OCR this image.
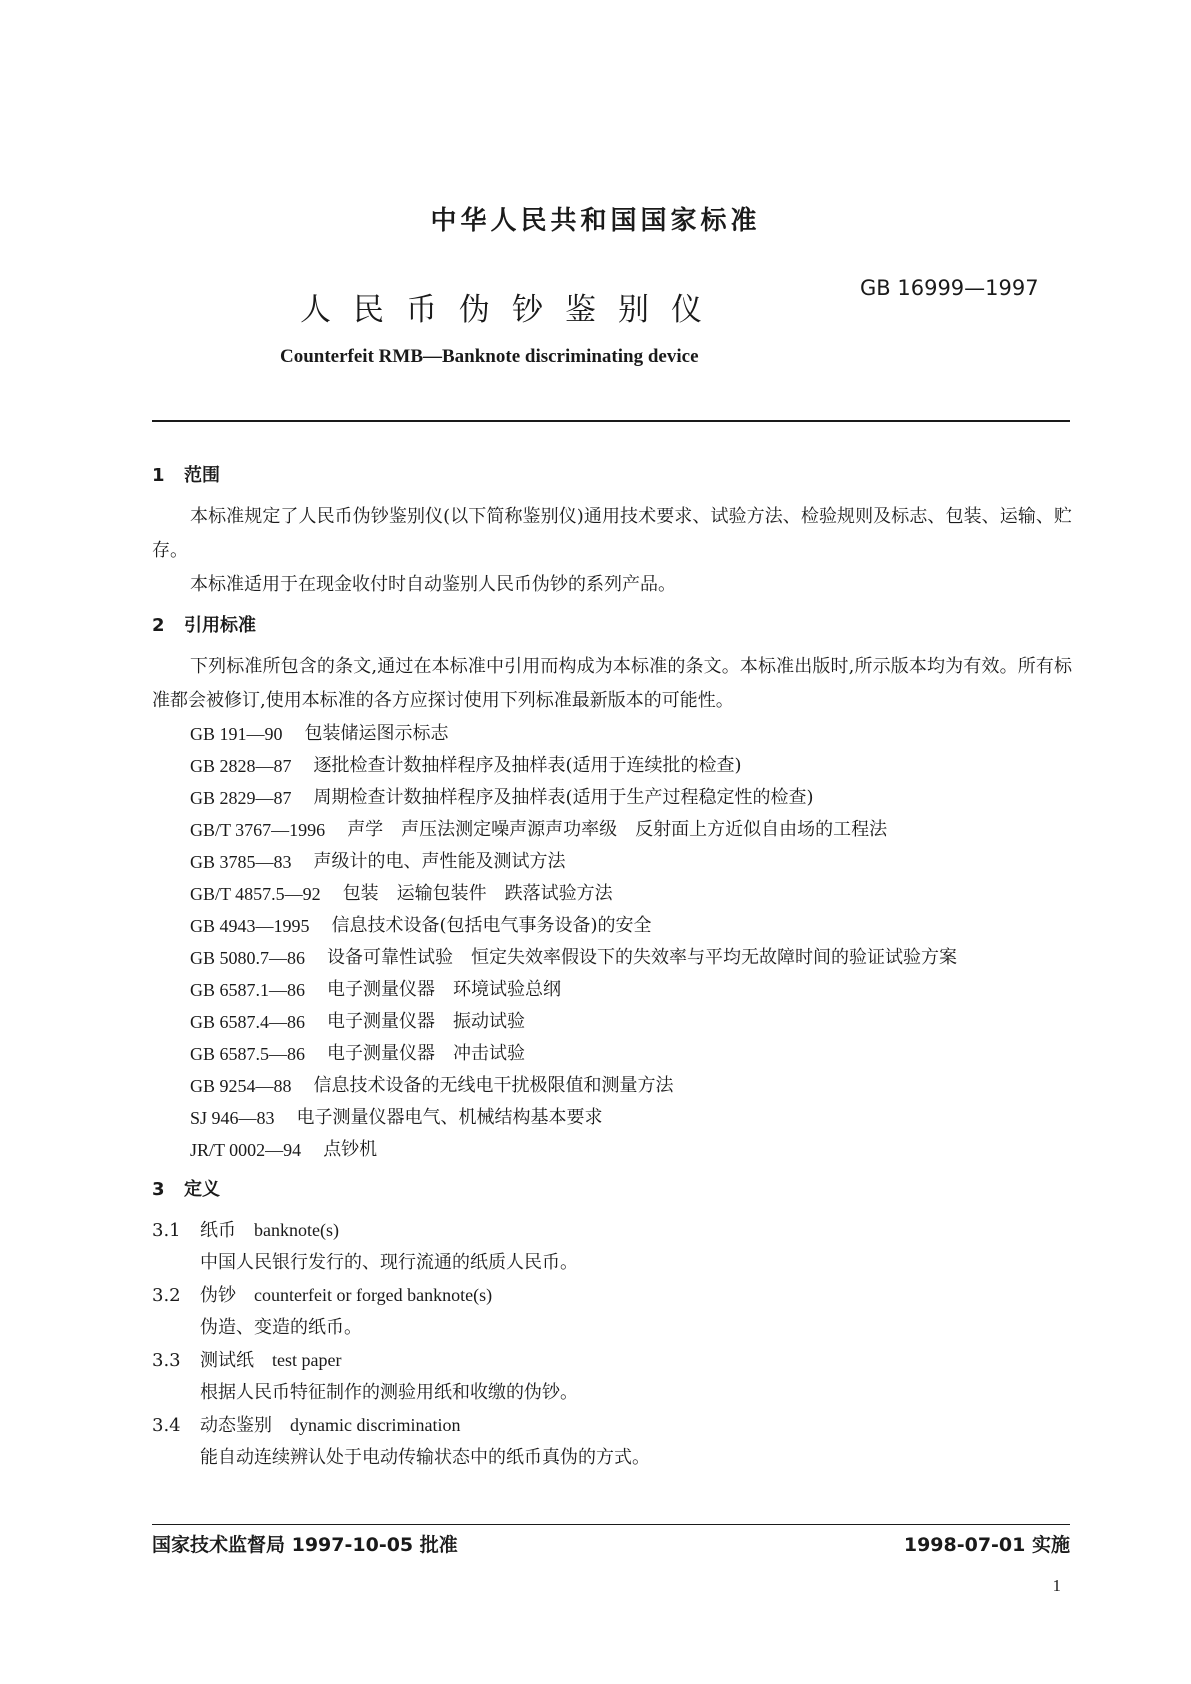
中华人民共和国国家标准
人民币伪钞鉴别仪
GB 16999—1997
Counterfeit RMB—Banknote discriminating device
1 范围

本标准规定了人民币伪钞鉴别仪(以下简称鉴别仪)通用技术要求、试验方法、检验规则及标志、包装、运输、贮存。

本标准适用于在现金收付时自动鉴别人民币伪钞的系列产品。

2 引用标准

下列标准所包含的条文,通过在本标准中引用而构成为本标准的条文。本标准出版时,所示版本均为有效。所有标准都会被修订,使用本标准的各方应探讨使用下列标准最新版本的可能性。

GB 191—90 包装储运图示标志
GB 2828—87 逐批检查计数抽样程序及抽样表(适用于连续批的检查)
GB 2829—87 周期检查计数抽样程序及抽样表(适用于生产过程稳定性的检查)
GB/T 3767—1996 声学　声压法测定噪声源声功率级　反射面上方近似自由场的工程法
GB 3785—83 声级计的电、声性能及测试方法
GB/T 4857.5—92 包装　运输包装件　跌落试验方法
GB 4943—1995 信息技术设备(包括电气事务设备)的安全
GB 5080.7—86 设备可靠性试验　恒定失效率假设下的失效率与平均无故障时间的验证试验方案
GB 6587.1—86 电子测量仪器　环境试验总纲
GB 6587.4—86 电子测量仪器　振动试验
GB 6587.5—86 电子测量仪器　冲击试验
GB 9254—88 信息技术设备的无线电干扰极限值和测量方法
SJ 946—83 电子测量仪器电气、机械结构基本要求
JR/T 0002—94 点钞机
3 定义
3.1 纸币 banknote(s)
中国人民银行发行的、现行流通的纸质人民币。
3.2 伪钞 counterfeit or forged banknote(s)
伪造、变造的纸币。
3.3 测试纸 test paper
根据人民币特征制作的测验用纸和收缴的伪钞。
3.4 动态鉴别 dynamic discrimination
能自动连续辨认处于电动传输状态中的纸币真伪的方式。
国家技术监督局 1997-10-05 批准	1998-07-01 实施
1
